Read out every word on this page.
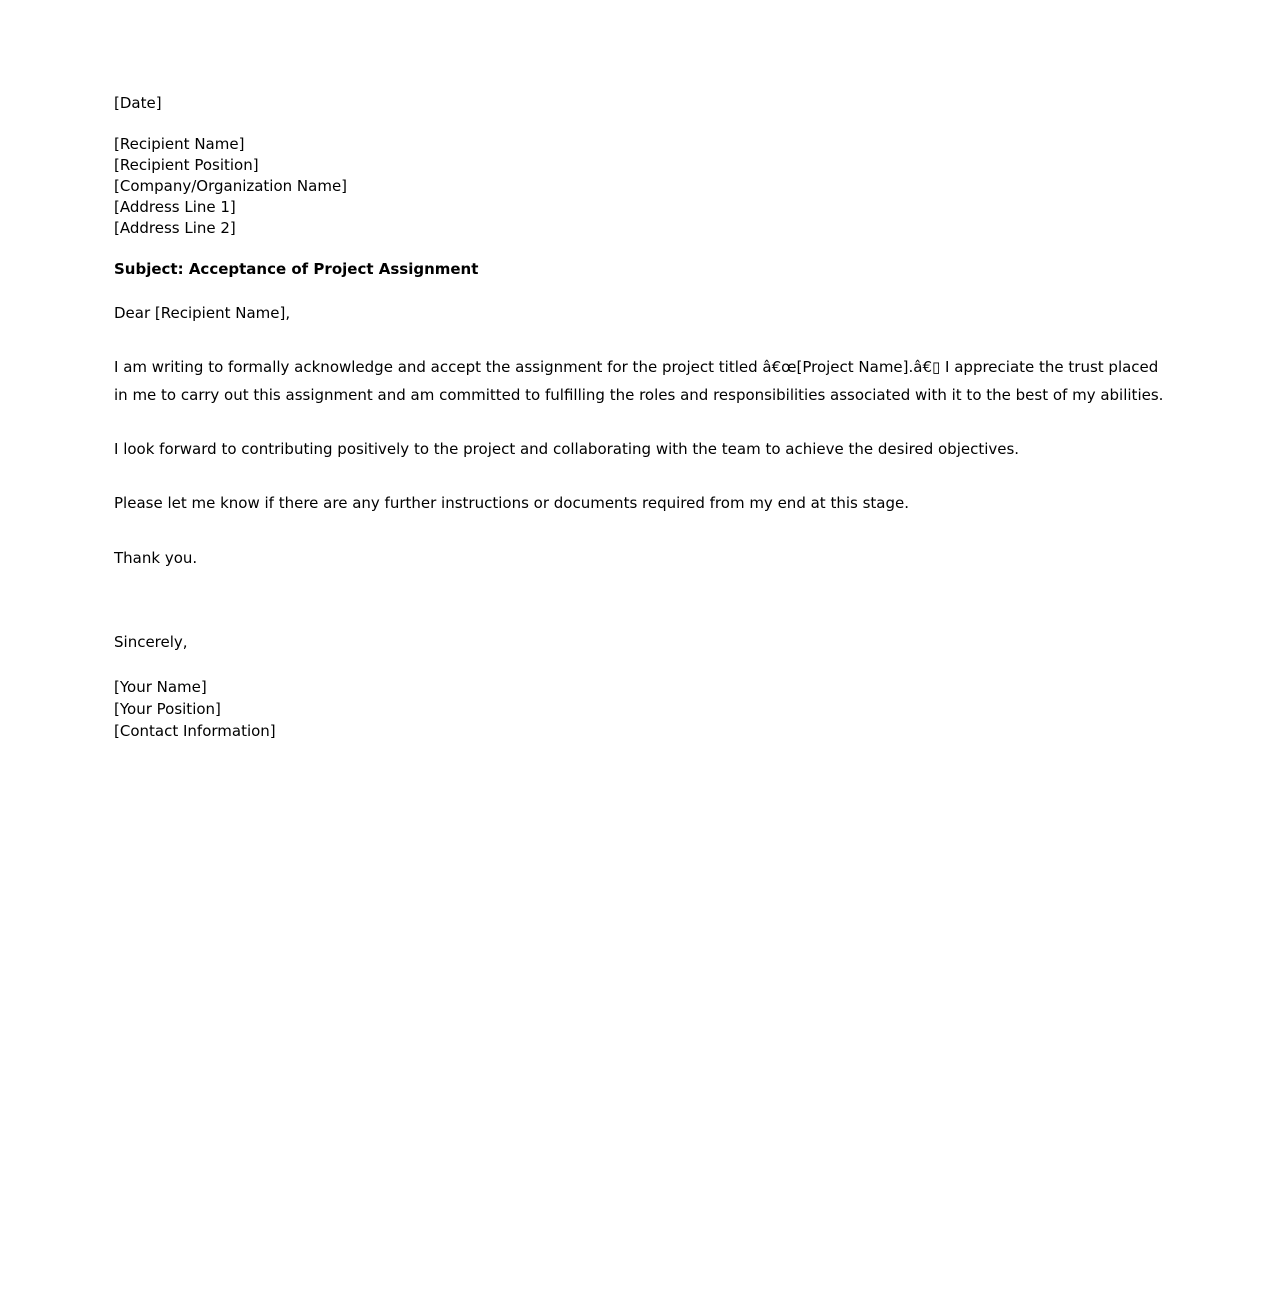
[Date]
[Recipient Name]
[Recipient Position]
[Company/Organization Name]
[Address Line 1]
[Address Line 2]
Subject: Acceptance of Project Assignment
Dear [Recipient Name],
I am writing to formally acknowledge and accept the assignment for the project titled â€œ[Project Name].â€▯ I appreciate the trust placed in me to carry out this assignment and am committed to fulfilling the roles and responsibilities associated with it to the best of my abilities.
I look forward to contributing positively to the project and collaborating with the team to achieve the desired objectives.
Please let me know if there are any further instructions or documents required from my end at this stage.
Thank you.
Sincerely,
[Your Name]
[Your Position]
[Contact Information]
